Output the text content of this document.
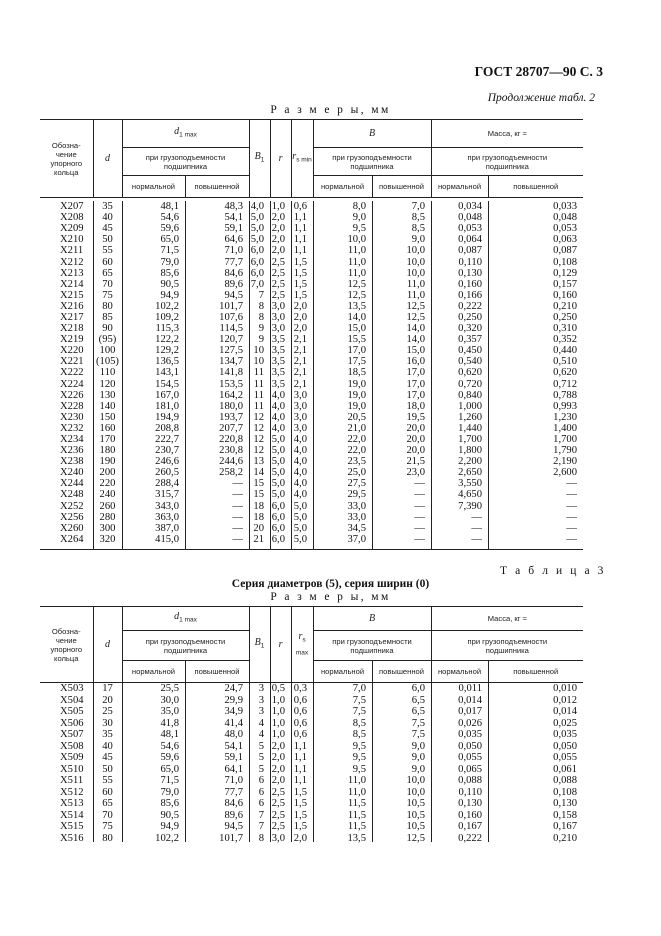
ГОСТ 28707—90 С. 3
Продолжение табл. 2
Р а з м е р ы, мм
Обозна-
чение
упорного
кольца	d	$d_{1 max}$		$B_1$	r	$r_{s min}$	B		Масса, кг ≈	
		при грузоподъемности
подшипника					при грузоподъемности
подшипника		при грузоподъемности
подшипника	
		нормальной	повышенной				нормальной	повышенной	нормальной	повышенной
X207	35	48,1	48,3	4,0	1,0	0,6	8,0	7,0	0,034	0,033
X208	40	54,6	54,1	5,0	2,0	1,1	9,0	8,5	0,048	0,048
X209	45	59,6	59,1	5,0	2,0	1,1	9,5	8,5	0,053	0,053
X210	50	65,0	64,6	5,0	2,0	1,1	10,0	9,0	0,064	0,063
X211	55	71,5	71,0	6,0	2,0	1,1	11,0	10,0	0,087	0,087
X212	60	79,0	77,7	6,0	2,5	1,5	11,0	10,0	0,110	0,108
X213	65	85,6	84,6	6,0	2,5	1,5	11,0	10,0	0,130	0,129
X214	70	90,5	89,6	7,0	2,5	1,5	12,5	11,0	0,160	0,157
X215	75	94,9	94,5	7	2,5	1,5	12,5	11,0	0,166	0,160
X216	80	102,2	101,7	8	3,0	2,0	13,5	12,5	0,222	0,210
X217	85	109,2	107,6	8	3,0	2,0	14,0	12,5	0,250	0,250
X218	90	115,3	114,5	9	3,0	2,0	15,0	14,0	0,320	0,310
X219	(95)	122,2	120,7	9	3,5	2,1	15,5	14,0	0,357	0,352
X220	100	129,2	127,5	10	3,5	2,1	17,0	15,0	0,450	0,440
X221	(105)	136,5	134,7	10	3,5	2,1	17,5	16,0	0,540	0,510
X222	110	143,1	141,8	11	3,5	2,1	18,5	17,0	0,620	0,620
X224	120	154,5	153,5	11	3,5	2,1	19,0	17,0	0,720	0,712
X226	130	167,0	164,2	11	4,0	3,0	19,0	17,0	0,840	0,788
X228	140	181,0	180,0	11	4,0	3,0	19,0	18,0	1,000	0,993
X230	150	194,9	193,7	12	4,0	3,0	20,5	19,5	1,260	1,230
X232	160	208,8	207,7	12	4,0	3,0	21,0	20,0	1,440	1,400
X234	170	222,7	220,8	12	5,0	4,0	22,0	20,0	1,700	1,700
X236	180	230,7	230,8	12	5,0	4,0	22,0	20,0	1,800	1,790
X238	190	246,6	244,6	13	5,0	4,0	23,5	21,5	2,200	2,190
X240	200	260,5	258,2	14	5,0	4,0	25,0	23,0	2,650	2,600
X244	220	288,4	—	15	5,0	4,0	27,5	—	3,550	—
X248	240	315,7	—	15	5,0	4,0	29,5	—	4,650	—
X252	260	343,0	—	18	6,0	5,0	33,0	—	7,390	—
X256	280	363,0	—	18	6,0	5,0	33,0	—	—	—
X260	300	387,0	—	20	6,0	5,0	34,5	—	—	—
X264	320	415,0	—	21	6,0	5,0	37,0	—	—	—
Т а б л и ц а 3
Серия диаметров (5), серия ширин (0)
Р а з м е р ы, мм
Обозна-
чение
упорного
кольца	d	$d_{1 max}$		$B_1$	r	$r_{s max}$	B		Масса, кг ≈	
		при грузоподъемности
подшипника					при грузоподъемности
подшипника		при грузоподъемности
подшипника	
		нормальной	повышенной				нормальной	повышенной	нормальной	повышенной
X503	17	25,5	24,7	3	0,5	0,3	7,0	6,0	0,011	0,010
X504	20	30,0	29,9	3	1,0	0,6	7,5	6,5	0,014	0,012
X505	25	35,0	34,9	3	1,0	0,6	7,5	6,5	0,017	0,014
X506	30	41,8	41,4	4	1,0	0,6	8,5	7,5	0,026	0,025
X507	35	48,1	48,0	4	1,0	0,6	8,5	7,5	0,035	0,035
X508	40	54,6	54,1	5	2,0	1,1	9,5	9,0	0,050	0,050
X509	45	59,6	59,1	5	2,0	1,1	9,5	9,0	0,055	0,055
X510	50	65,0	64,1	5	2,0	1,1	9,5	9,0	0,065	0,061
X511	55	71,5	71,0	6	2,0	1,1	11,0	10,0	0,088	0,088
X512	60	79,0	77,7	6	2,5	1,5	11,0	10,0	0,110	0,108
X513	65	85,6	84,6	6	2,5	1,5	11,5	10,5	0,130	0,130
X514	70	90,5	89,6	7	2,5	1,5	11,5	10,5	0,160	0,158
X515	75	94,9	94,5	7	2,5	1,5	11,5	10,5	0,167	0,167
X516	80	102,2	101,7	8	3,0	2,0	13,5	12,5	0,222	0,210
